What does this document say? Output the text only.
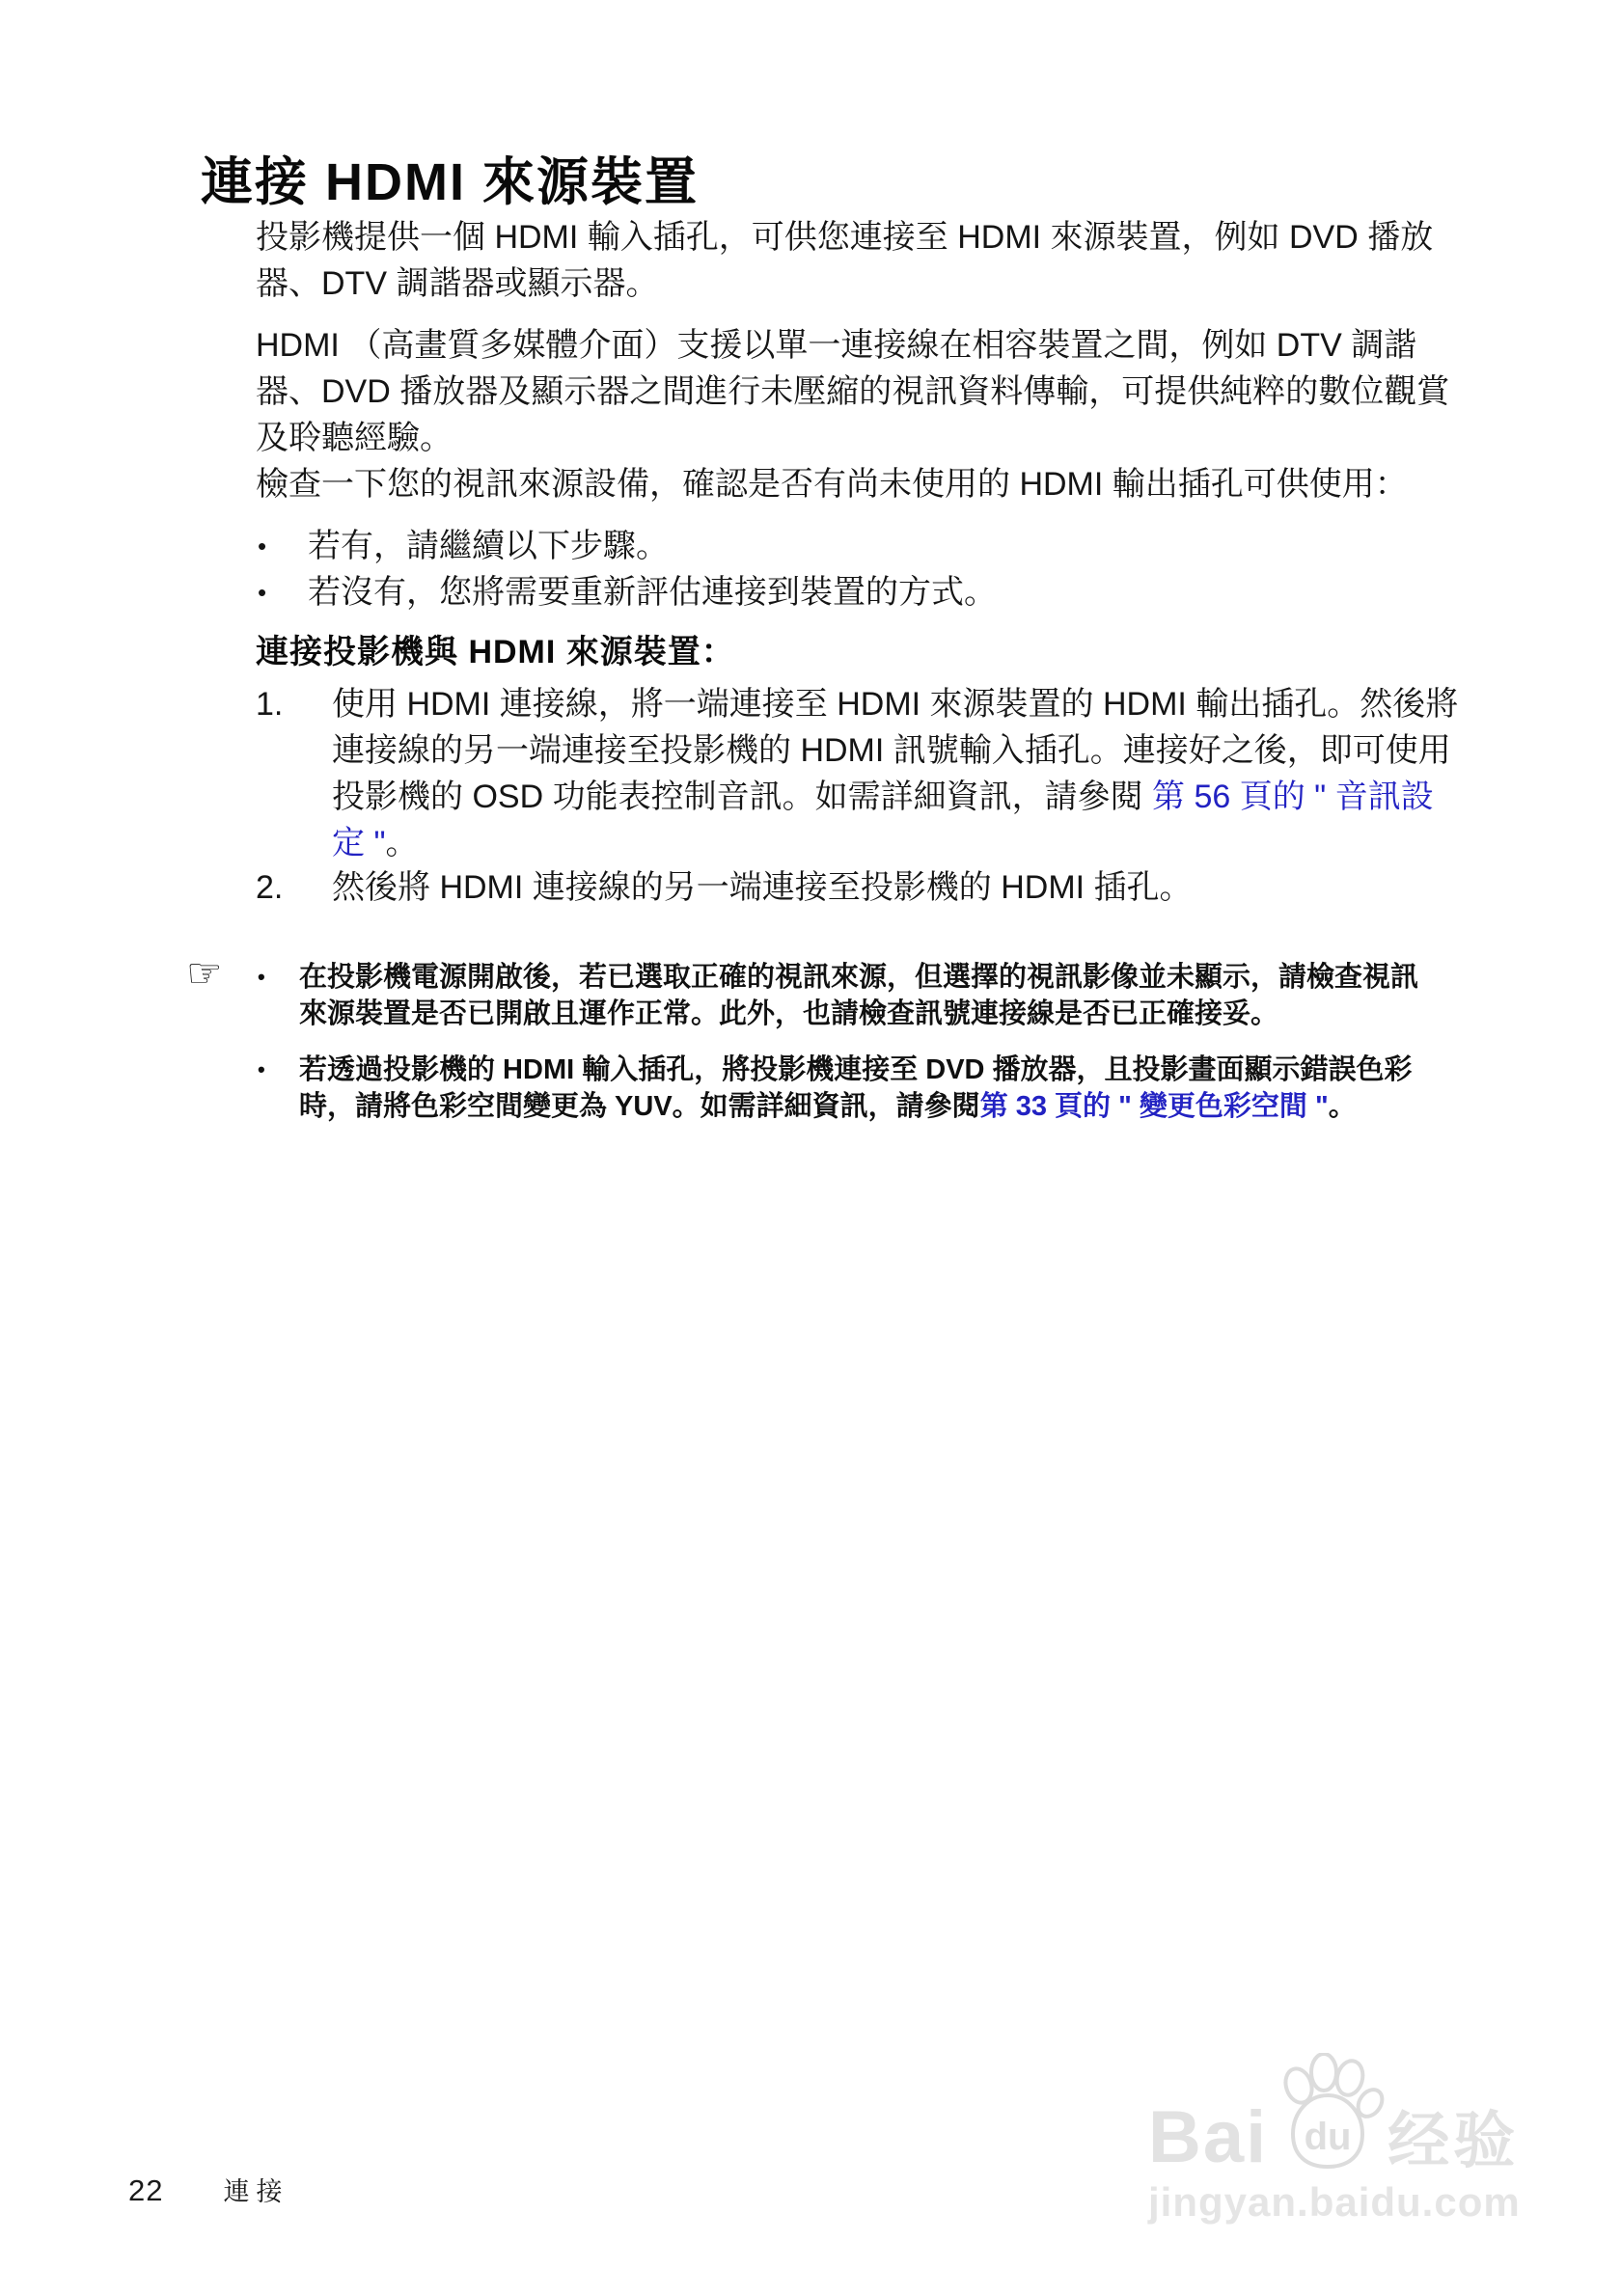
連接 HDMI 來源裝置

投影機提供一個 HDMI 輸入插孔，可供您連接至 HDMI 來源裝置，例如 DVD 播放器、DTV 調諧器或顯示器。

HDMI （高畫質多媒體介面）支援以單一連接線在相容裝置之間，例如 DTV 調諧器、DVD 播放器及顯示器之間進行未壓縮的視訊資料傳輸，可提供純粹的數位觀賞及聆聽經驗。

檢查一下您的視訊來源設備，確認是否有尚未使用的 HDMI 輸出插孔可供使用：

•	若有，請繼續以下步驟。
•	若沒有，您將需要重新評估連接到裝置的方式。
連接投影機與 HDMI 來源裝置：
1.	使用 HDMI 連接線，將一端連接至 HDMI 來源裝置的 HDMI 輸出插孔。然後將連接線的另一端連接至投影機的 HDMI 訊號輸入插孔。連接好之後，即可使用投影機的 OSD 功能表控制音訊。如需詳細資訊，請參閱 第 56 頁的 " 音訊設定 "。
2.	然後將 HDMI 連接線的另一端連接至投影機的 HDMI 插孔。
☞	•	在投影機電源開啟後，若已選取正確的視訊來源，但選擇的視訊影像並未顯示，請檢查視訊來源裝置是否已開啟且運作正常。此外，也請檢查訊號連接線是否已正確接妥。
•	若透過投影機的 HDMI 輸入插孔，將投影機連接至 DVD 播放器，且投影畫面顯示錯誤色彩時，請將色彩空間變更為 YUV。如需詳細資訊，請參閱第 33 頁的 " 變更色彩空間 "。
22 連接
Bai du 经验
jingyan.baidu.com
